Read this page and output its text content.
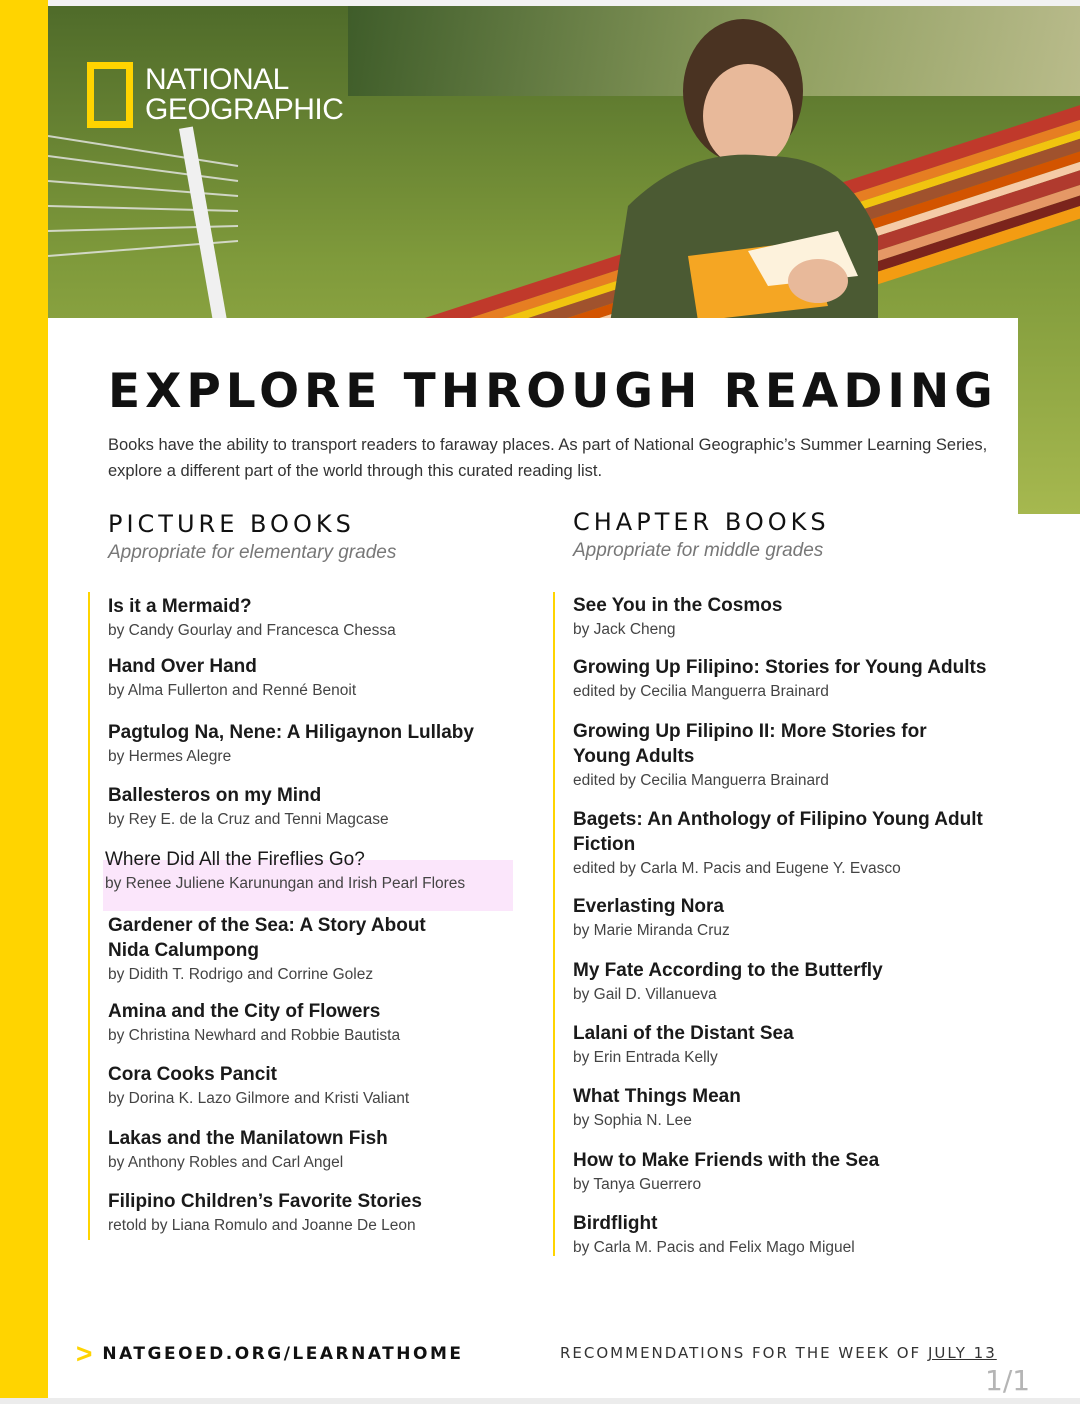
NATIONAL
GEOGRAPHIC
EXPLORE THROUGH READING

Books have the ability to transport readers to faraway places. As part of National Geographic’s Summer Learning Series, explore a different part of the world through this curated reading list.

PICTURE BOOKS
Appropriate for elementary grades
CHAPTER BOOKS
Appropriate for middle grades
Is it a Mermaid?
by Candy Gourlay and Francesca Chessa
Hand Over Hand
by Alma Fullerton and Renné Benoit
Pagtulog Na, Nene: A Hiligaynon Lullaby
by Hermes Alegre
Ballesteros on my Mind
by Rey E. de la Cruz and Tenni Magcase
Where Did All the Fireflies Go?
by Renee Juliene Karunungan and Irish Pearl Flores
Gardener of the Sea: A Story About Nida Calumpong
by Didith T. Rodrigo and Corrine Golez
Amina and the City of Flowers
by Christina Newhard and Robbie Bautista
Cora Cooks Pancit
by Dorina K. Lazo Gilmore and Kristi Valiant
Lakas and the Manilatown Fish
by Anthony Robles and Carl Angel
Filipino Children’s Favorite Stories
retold by Liana Romulo and Joanne De Leon
See You in the Cosmos
by Jack Cheng
Growing Up Filipino: Stories for Young Adults
edited by Cecilia Manguerra Brainard
Growing Up Filipino II: More Stories for Young Adults
edited by Cecilia Manguerra Brainard
Bagets: An Anthology of Filipino Young Adult Fiction
edited by Carla M. Pacis and Eugene Y. Evasco
Everlasting Nora
by Marie Miranda Cruz
My Fate According to the Butterfly
by Gail D. Villanueva
Lalani of the Distant Sea
by Erin Entrada Kelly
What Things Mean
by Sophia N. Lee
How to Make Friends with the Sea
by Tanya Guerrero
Birdflight
by Carla M. Pacis and Felix Mago Miguel
> NATGEOED.ORG/LEARNATHOME	RECOMMENDATIONS FOR THE WEEK OF JULY 13
1/1
